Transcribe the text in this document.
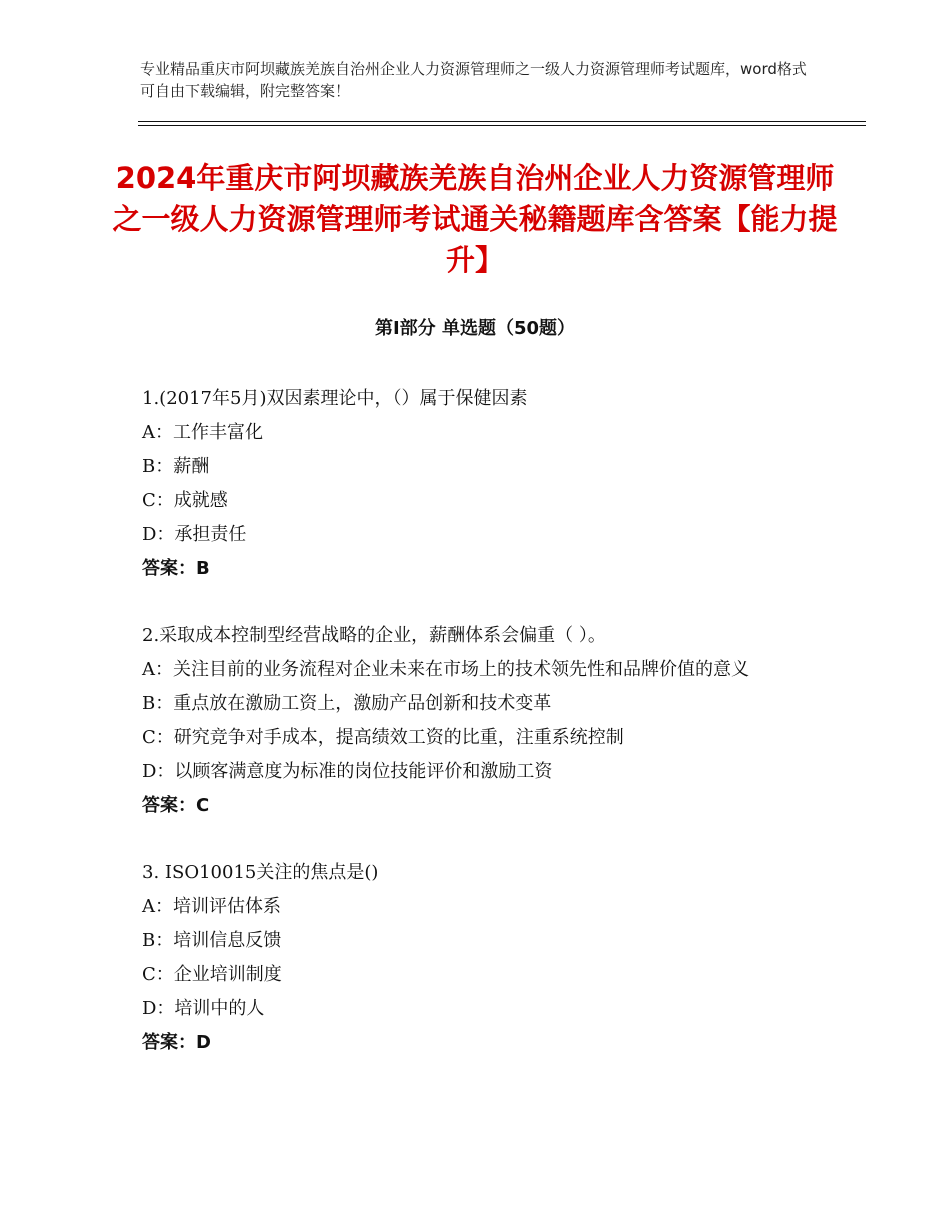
专业精品重庆市阿坝藏族羌族自治州企业人力资源管理师之一级人力资源管理师考试题库，word格式可自由下载编辑，附完整答案！
2024年重庆市阿坝藏族羌族自治州企业人力资源管理师之一级人力资源管理师考试通关秘籍题库含答案【能力提升】
第Ⅰ部分 单选题（50题）
1.(2017年5月)双因素理论中，（）属于保健因素
A：工作丰富化
B：薪酬
C：成就感
D：承担责任
答案：B
2.采取成本控制型经营战略的企业，薪酬体系会偏重（ ）。
A：关注目前的业务流程对企业未来在市场上的技术领先性和品牌价值的意义
B：重点放在激励工资上，激励产品创新和技术变革
C：研究竞争对手成本，提高绩效工资的比重，注重系统控制
D：以顾客满意度为标准的岗位技能评价和激励工资
答案：C
3. ISO10015关注的焦点是()
A：培训评估体系
B：培训信息反馈
C：企业培训制度
D：培训中的人
答案：D
